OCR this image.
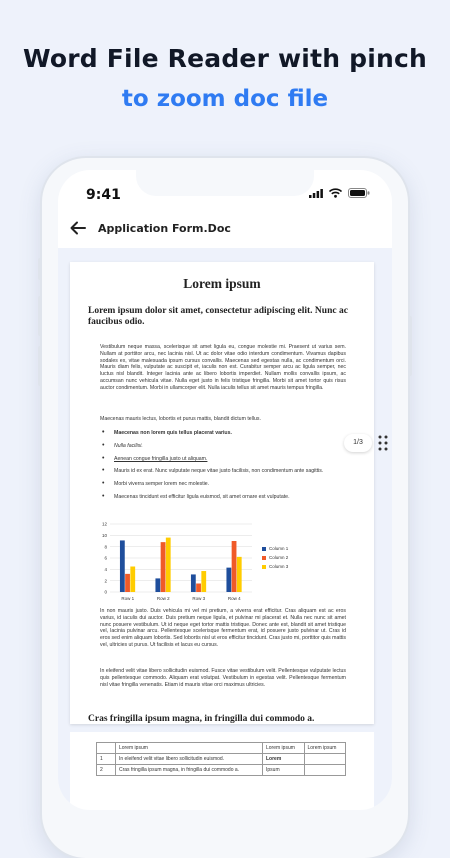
Word File Reader with pinch
to zoom doc file
9:41
Application Form.Doc
Lorem ipsum
Lorem ipsum dolor sit amet, consectetur adipiscing elit. Nunc ac faucibus odio.
Vestibulum neque massa, scelerisque sit amet ligula eu, congue molestie mi. Praesent ut varius sem. Nullam at porttitor arcu, nec lacinia nisl. Ut ac dolor vitae odio interdum condimentum. Vivamus dapibus sodales ex, vitae malesuada ipsum cursus convallis. Maecenas sed egestas nulla, ac condimentum orci. Mauris diam felis, vulputate ac suscipit et, iaculis non est. Curabitur semper arcu ac ligula semper, nec luctus nisl blandit. Integer lacinia ante ac libero lobortis imperdiet. Nullam mollis convallis ipsum, ac accumsan nunc vehicula vitae. Nulla eget justo in felis tristique fringilla. Morbi sit amet tortor quis risus auctor condimentum. Morbi in ullamcorper elit. Nulla iaculis tellus sit amet mauris tempus fringilla.
Maecenas mauris lectus, lobortis et purus mattis, blandit dictum tellus.
• Maecenas non lorem quis tellus placerat varius.
• Nulla facilisi.
• Aenean congue fringilla justo ut aliquam.
• Mauris id ex erat. Nunc vulputate neque vitae justo facilisis, non condimentum ante sagittis.
• Morbi viverra semper lorem nec molestie.
• Maecenas tincidunt est efficitur ligula euismod, sit amet ornare est vulputate.
0
2
4
6
8
10
12
Row 1	Row 2	Row 3	Row 4
Column 1
Column 2
Column 3
In non mauris justo. Duis vehicula mi vel mi pretium, a viverra erat efficitur. Cras aliquam est ac eros varius, id iaculis dui auctor. Duis pretium neque ligula, et pulvinar mi placerat et. Nulla nec nunc sit amet nunc posuere vestibulum. Ut id neque eget tortor mattis tristique. Donec ante est, blandit sit amet tristique vel, lacinia pulvinar arcu. Pellentesque scelerisque fermentum erat, id posuere justo pulvinar ut. Cras id eros sed enim aliquam lobortis. Sed lobortis nisl ut eros efficitur tincidunt. Cras justo mi, porttitor quis mattis vel, ultricies ut purus. Ut facilisis et lacus eu cursus.
In eleifend velit vitae libero sollicitudin euismod. Fusce vitae vestibulum velit. Pellentesque vulputate lectus quis pellentesque commodo. Aliquam erat volutpat. Vestibulum in egestas velit. Pellentesque fermentum nisl vitae fringilla venenatis. Etiam id mauris vitae orci maximus ultricies.
Cras fringilla ipsum magna, in fringilla dui commodo a.
1/3
	Lorem ipsum	Lorem ipsum	Lorem ipsum
1	In eleifend velit vitae libero sollicitudin euismod.	Lorem	
2	Cras fringilla ipsum magna, in fringilla dui commodo a.	Ipsum	
